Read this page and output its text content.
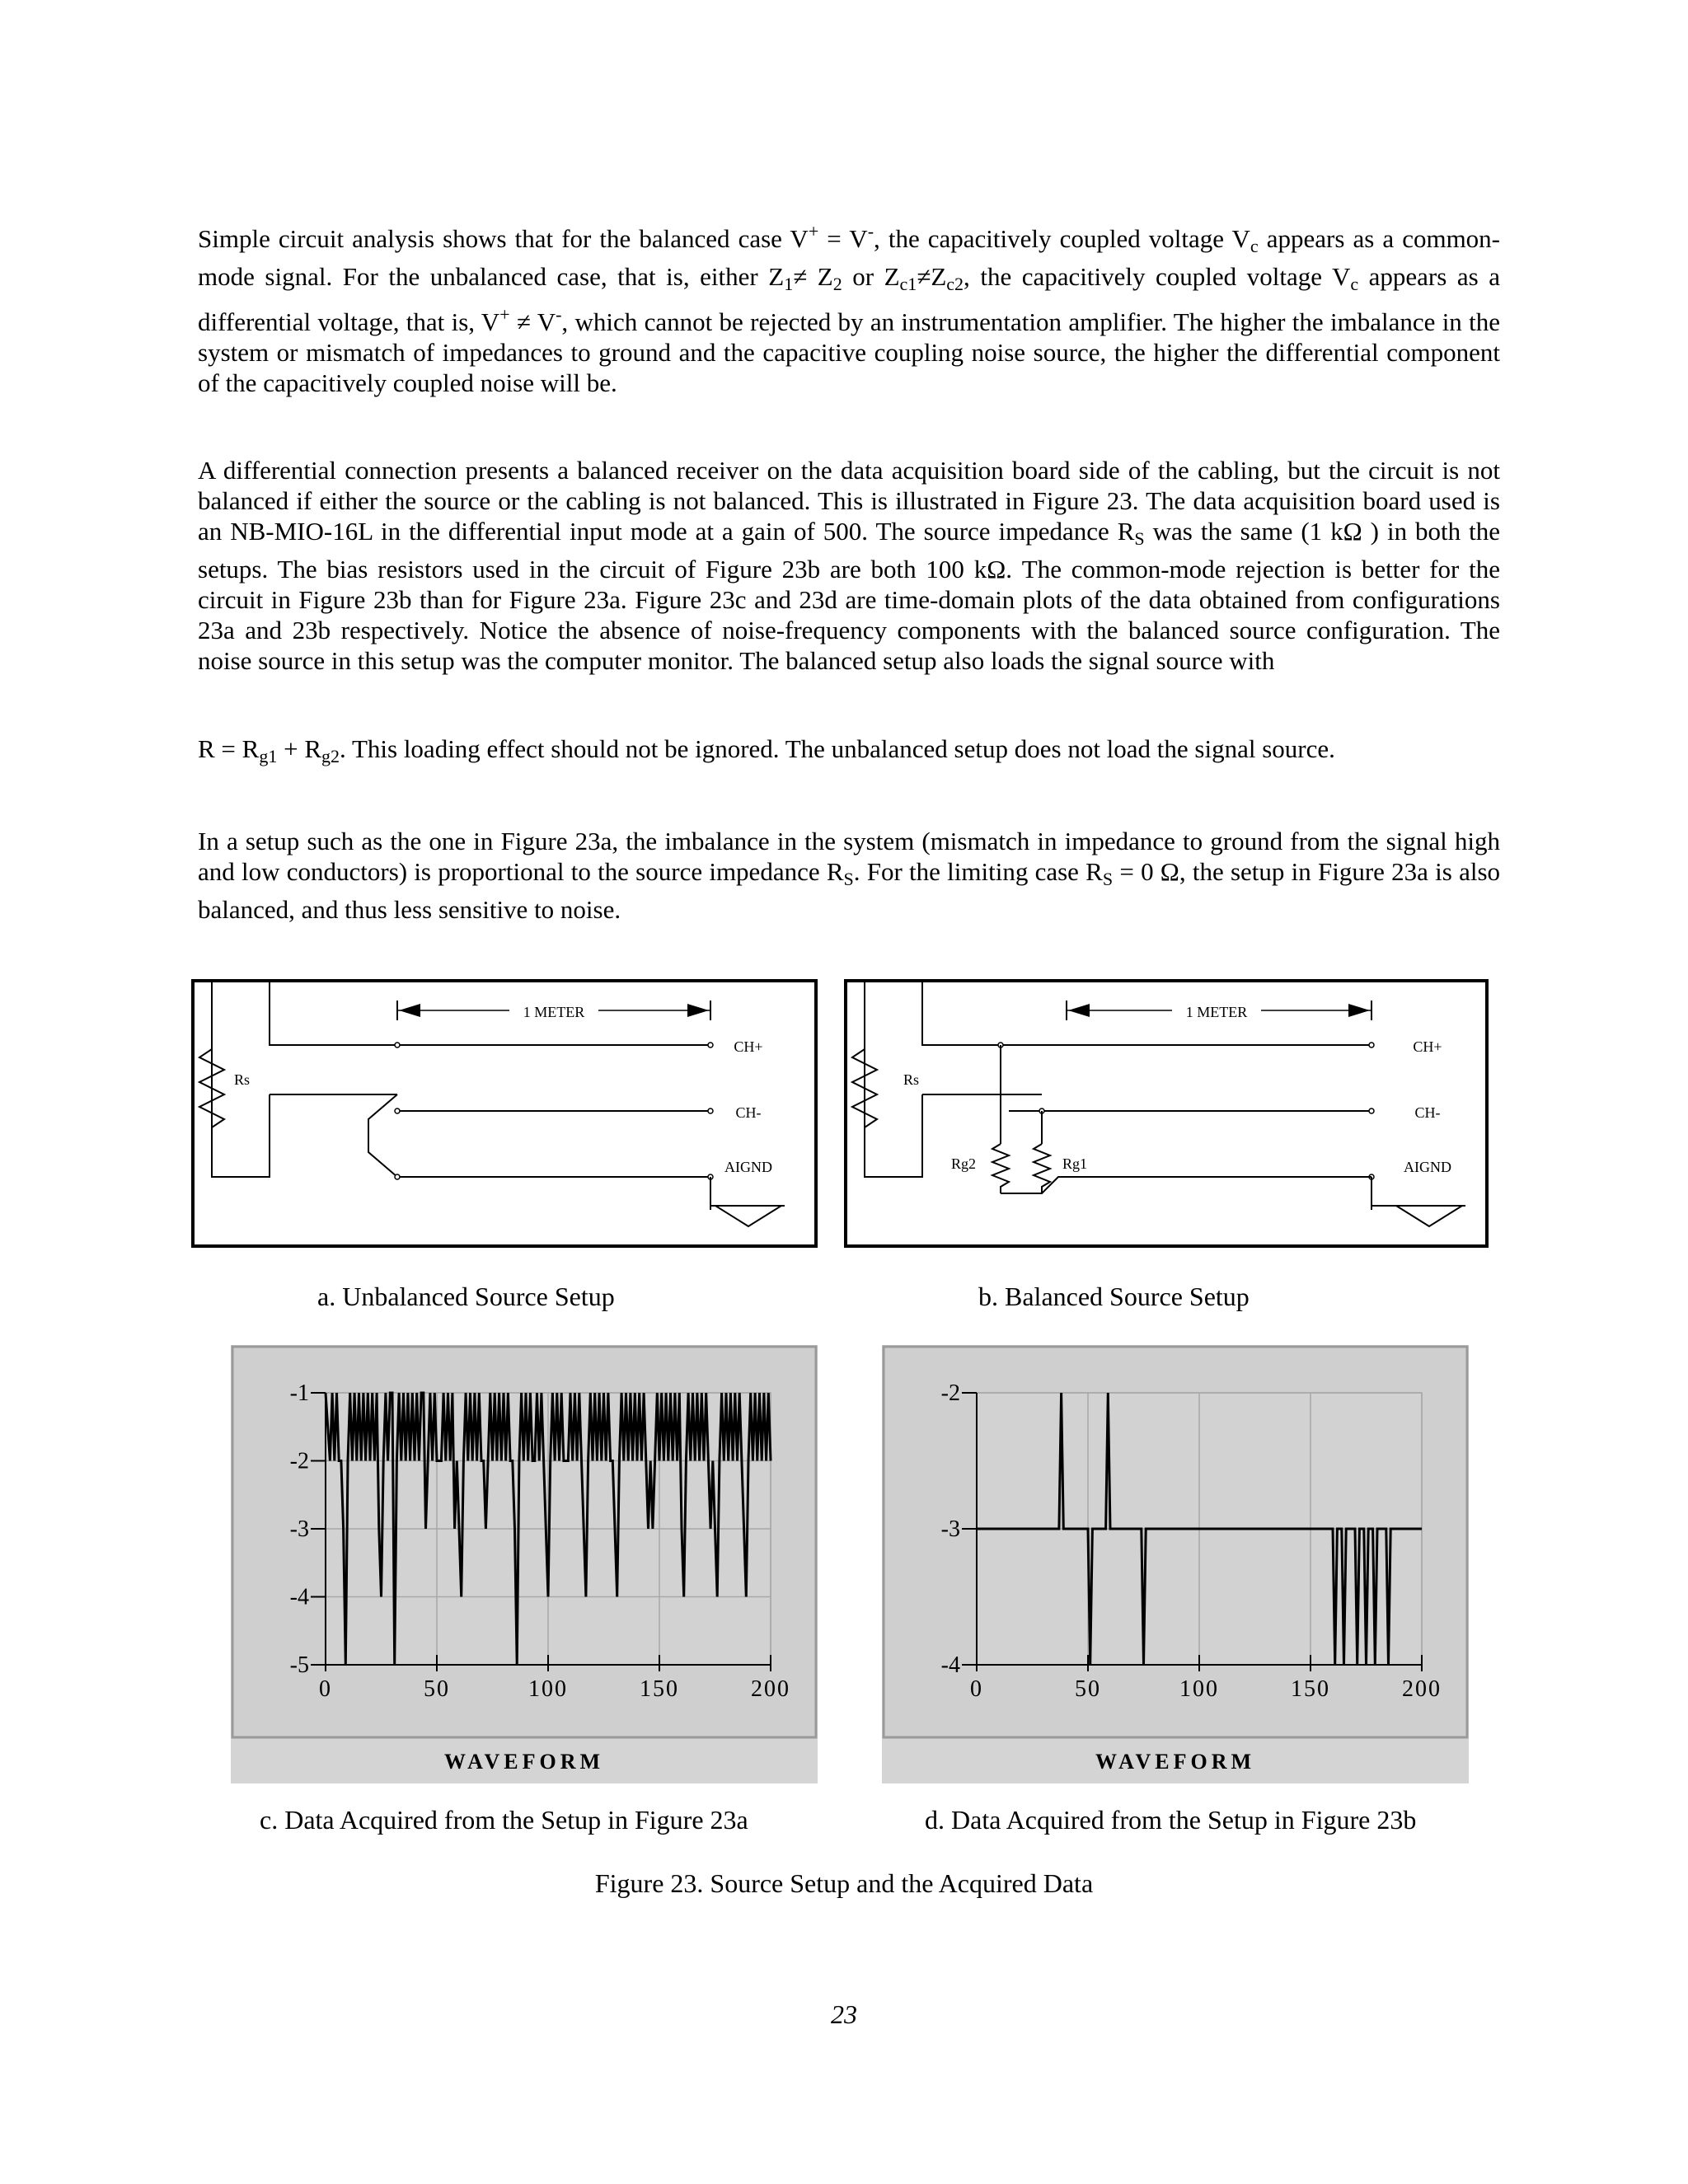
Simple circuit analysis shows that for the balanced case V+ = V-, the capacitively coupled voltage $V_c$ appears as a common-mode signal. For the unbalanced case, that is, either $Z_1\ne Z_2$ or $Z_{c1}\ne Z_{c2}$, the capacitively coupled voltage $V_c$ appears as a differential voltage, that is, V+ ≠ V-, which cannot be rejected by an instrumentation amplifier. The higher the imbalance in the system or mismatch of impedances to ground and the capacitive coupling noise source, the higher the differential component of the capacitively coupled noise will be.
A differential connection presents a balanced receiver on the data acquisition board side of the cabling, but the circuit is not balanced if either the source or the cabling is not balanced. This is illustrated in Figure 23. The data acquisition board used is an NB-MIO-16L in the differential input mode at a gain of 500. The source impedance $R_S$ was the same (1 kΩ ) in both the setups. The bias resistors used in the circuit of Figure 23b are both 100 kΩ. The common-mode rejection is better for the circuit in Figure 23b than for Figure 23a. Figure 23c and 23d are time-domain plots of the data obtained from configurations 23a and 23b respectively. Notice the absence of noise-frequency components with the balanced source configuration. The noise source in this setup was the computer monitor. The balanced setup also loads the signal source with
$R = R_{g1} + R_{g2}$. This loading effect should not be ignored. The unbalanced setup does not load the signal source.
In a setup such as the one in Figure 23a, the imbalance in the system (mismatch in impedance to ground from the signal high and low conductors) is proportional to the source impedance $R_S$. For the limiting case $R_S = 0$ Ω, the setup in Figure 23a is also balanced, and thus less sensitive to noise.
Rs
1 METER
CH+
CH-
AIGND
Rs
Rg2	Rg1
1 METER
CH+
CH-
AIGND
a. Unbalanced Source Setup	b. Balanced Source Setup
0	50	100	150	200
-1
-2
-3
-4
-5
WAVEFORM
0	50	100	150	200
-2
-3
-4
WAVEFORM
c. Data Acquired from the Setup in Figure 23a	d. Data Acquired from the Setup in Figure 23b
Figure 23. Source Setup and the Acquired Data
23
